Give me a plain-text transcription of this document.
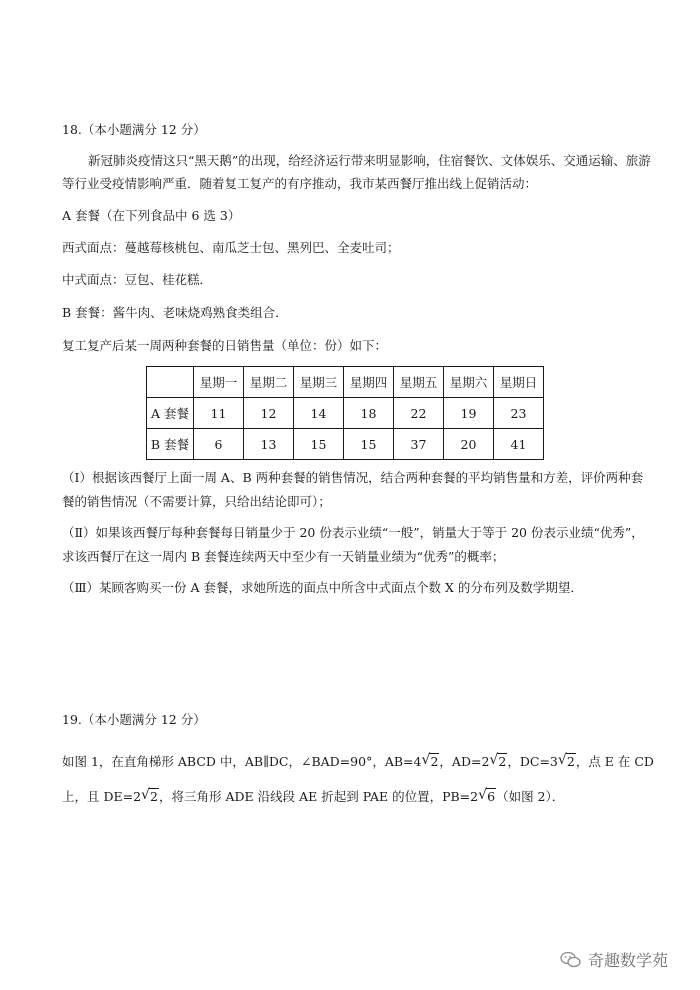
18.（本小题满分 12 分）
新冠肺炎疫情这只“黑天鹅”的出现，给经济运行带来明显影响，住宿餐饮、文体娱乐、交通运输、旅游
等行业受疫情影响严重．随着复工复产的有序推动，我市某西餐厅推出线上促销活动：
A 套餐（在下列食品中 6 选 3）
西式面点：蔓越莓核桃包、南瓜芝士包、黑列巴、全麦吐司；
中式面点：豆包、桂花糕．
B 套餐：酱牛肉、老味烧鸡熟食类组合．
复工复产后某一周两种套餐的日销售量（单位：份）如下：
	星期一	星期二	星期三	星期四	星期五	星期六	星期日
A 套餐	11	12	14	18	22	19	23
B 套餐	6	13	15	15	37	20	41
（Ⅰ）根据该西餐厅上面一周 A、B 两种套餐的销售情况，结合两种套餐的平均销售量和方差，评价两种套
餐的销售情况（不需要计算，只给出结论即可）；
（Ⅱ）如果该西餐厅每种套餐每日销量少于 20 份表示业绩“一般”，销量大于等于 20 份表示业绩“优秀”，
求该西餐厅在这一周内 B 套餐连续两天中至少有一天销量业绩为“优秀”的概率；
（Ⅲ）某顾客购买一份 A 套餐，求她所选的面点中所含中式面点个数 X 的分布列及数学期望．
19.（本小题满分 12 分）
如图 1，在直角梯形 ABCD 中，AB∥DC，∠BAD=90°，AB=4 √ 2，AD=2 √ 2，DC=3 √ 2，点 E 在 CD
上，且 DE=2 √ 2，将三角形 ADE 沿线段 AE 折起到 PAE 的位置，PB=2 √ 6（如图 2）．
奇趣数学苑
